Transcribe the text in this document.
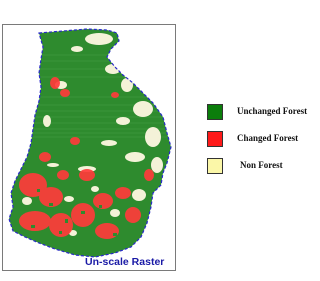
Un-scale Raster
Unchanged Forest
Changed Forest
Non Forest
